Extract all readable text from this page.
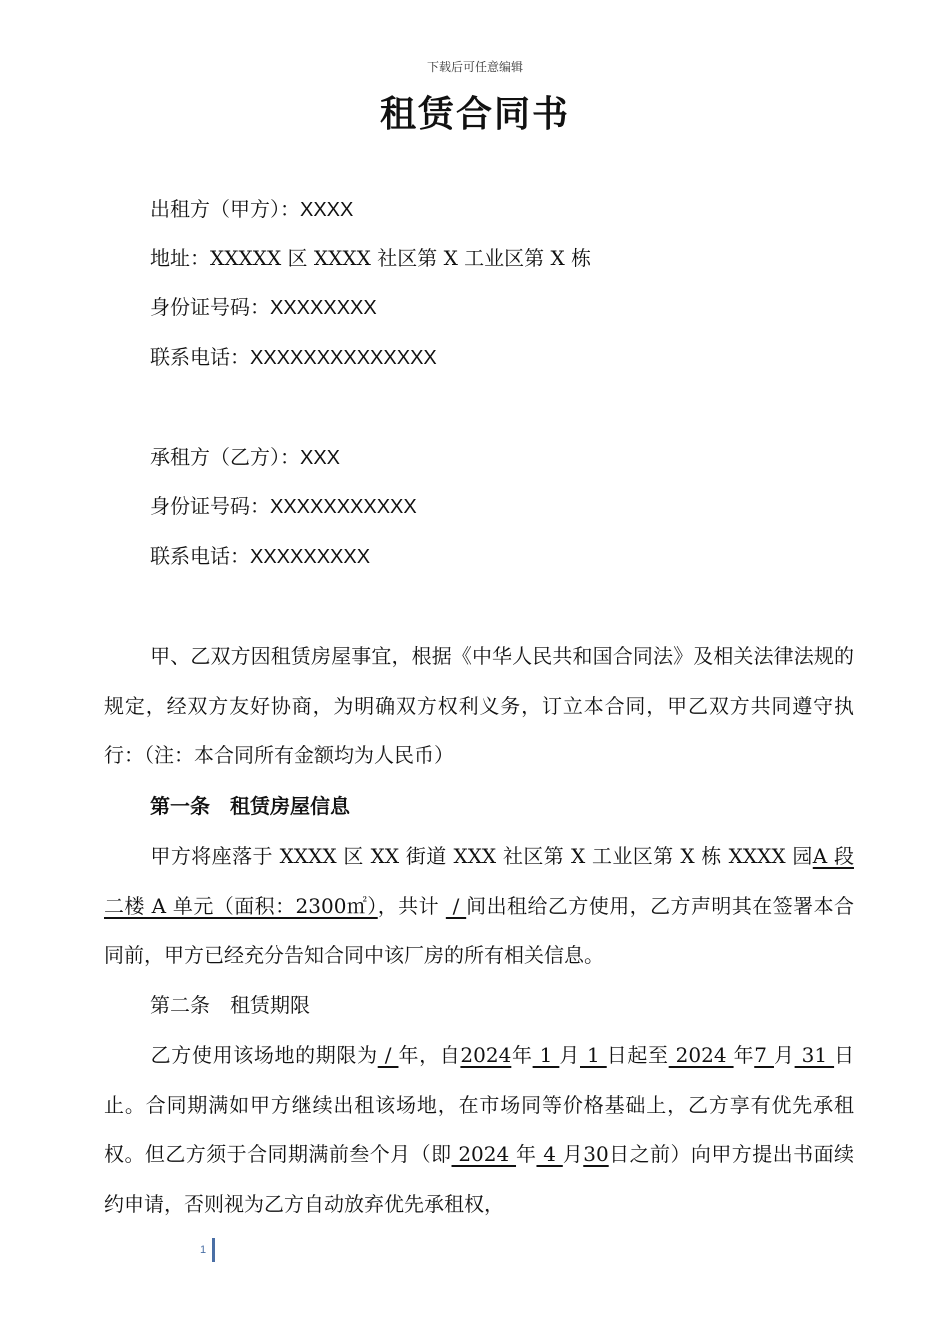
下载后可任意编辑
租赁合同书
出租方（甲方）：XXXX
地址：XXXXX 区 XXXX 社区第 X 工业区第 X 栋
身份证号码：XXXXXXXX
联系电话：XXXXXXXXXXXXXX
承租方（乙方）：XXX
身份证号码：XXXXXXXXXXX
联系电话：XXXXXXXXX
甲、乙双方因租赁房屋事宜，根据《中华人民共和国合同法》及相关法律法规的规定，经双方友好协商，为明确双方权利义务，订立本合同，甲乙双方共同遵守执行：（注：本合同所有金额均为人民币）
第一条　租赁房屋信息
甲方将座落于 XXXX 区 XX 街道 XXX 社区第 X 工业区第 X 栋 XXXX 园A 段二楼 A 单元（面积：2300㎡），共计  / 间出租给乙方使用，乙方声明其在签署本合同前，甲方已经充分告知合同中该厂房的所有相关信息。
第二条　租赁期限
乙方使用该场地的期限为 / 年，自2024年 1 月 1 日起至 2024 年7 月 31 日止。合同期满如甲方继续出租该场地，在市场同等价格基础上，乙方享有优先承租权。但乙方须于合同期满前叁个月（即 2024 年 4 月30日之前）向甲方提出书面续约申请，否则视为乙方自动放弃优先承租权，
1
